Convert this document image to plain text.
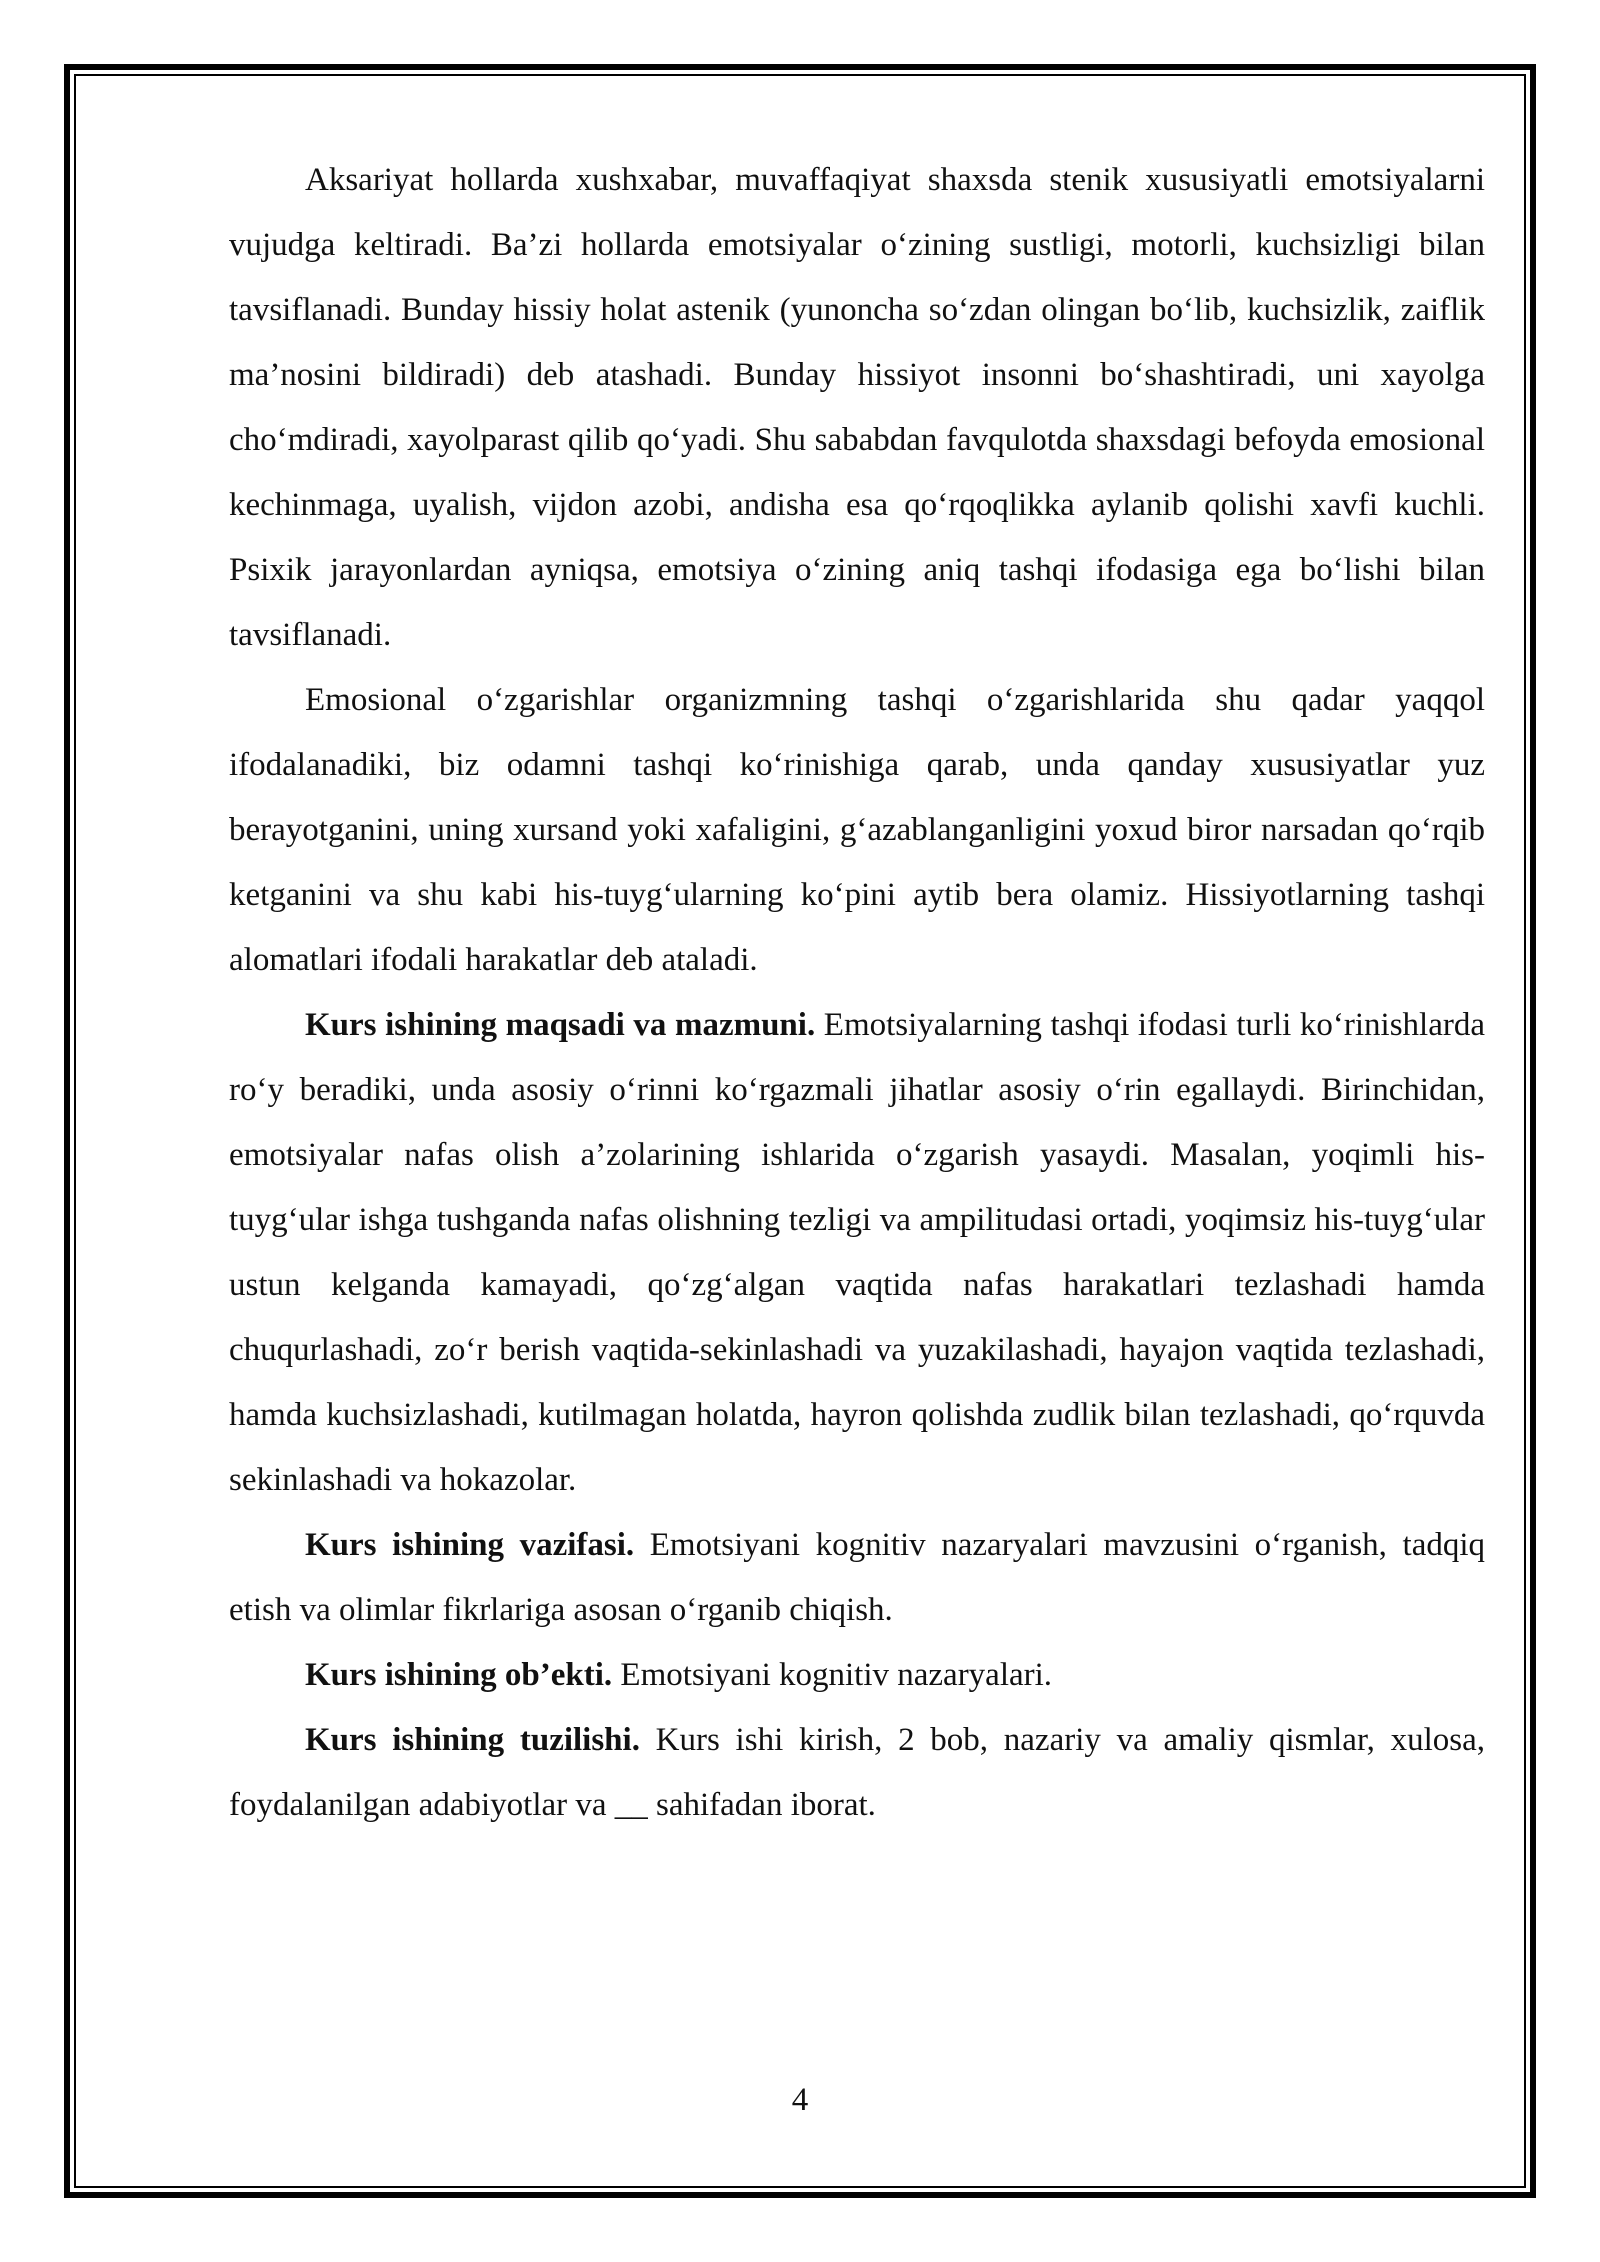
Aksariyat hollarda xushxabar, muvaffaqiyat shaxsda stenik xususiyatli emotsiyalarni vujudga keltiradi. Ba’zi hollarda emotsiyalar o‘zining sustligi, motorli, kuchsizligi bilan tavsiflanadi. Bunday hissiy holat astenik (yunoncha so‘zdan olingan bo‘lib, kuchsizlik, zaiflik ma’nosini bildiradi) deb atashadi. Bunday hissiyot insonni bo‘shashtiradi, uni xayolga cho‘mdiradi, xayolparast qilib qo‘yadi. Shu sababdan favqulotda shaxsdagi befoyda emosional kechinmaga, uyalish, vijdon azobi, andisha esa qo‘rqoqlikka aylanib qolishi xavfi kuchli. Psixik jarayonlardan ayniqsa, emotsiya o‘zining aniq tashqi ifodasiga ega bo‘lishi bilan tavsiflanadi.

Emosional o‘zgarishlar organizmning tashqi o‘zgarishlarida shu qadar yaqqol ifodalanadiki, biz odamni tashqi ko‘rinishiga qarab, unda qanday xususiyatlar yuz berayotganini, uning xursand yoki xafaligini, g‘azablanganligini yoxud biror narsadan qo‘rqib ketganini va shu kabi his-tuyg‘ularning ko‘pini aytib bera olamiz. Hissiyotlarning tashqi alomatlari ifodali harakatlar deb ataladi.

Kurs ishining maqsadi va mazmuni. Emotsiyalarning tashqi ifodasi turli ko‘rinishlarda ro‘y beradiki, unda asosiy o‘rinni ko‘rgazmali jihatlar asosiy o‘rin egallaydi. Birinchidan, emotsiyalar nafas olish a’zolarining ishlarida o‘zgarish yasaydi. Masalan, yoqimli his-tuyg‘ular ishga tushganda nafas olishning tezligi va ampilitudasi ortadi, yoqimsiz his-tuyg‘ular ustun kelganda kamayadi, qo‘zg‘algan vaqtida nafas harakatlari tezlashadi hamda chuqurlashadi, zo‘r berish vaqtida-sekinlashadi va yuzakilashadi, hayajon vaqtida tezlashadi, hamda kuchsizlashadi, kutilmagan holatda, hayron qolishda zudlik bilan tezlashadi, qo‘rquvda sekinlashadi va hokazolar.

Kurs ishining vazifasi. Emotsiyani kognitiv nazaryalari mavzusini o‘rganish, tadqiq etish va olimlar fikrlariga asosan o‘rganib chiqish.

Kurs ishining ob’ekti. Emotsiyani kognitiv nazaryalari.

Kurs ishining tuzilishi. Kurs ishi kirish, 2 bob, nazariy va amaliy qismlar, xulosa, foydalanilgan adabiyotlar va __ sahifadan iborat.

4
